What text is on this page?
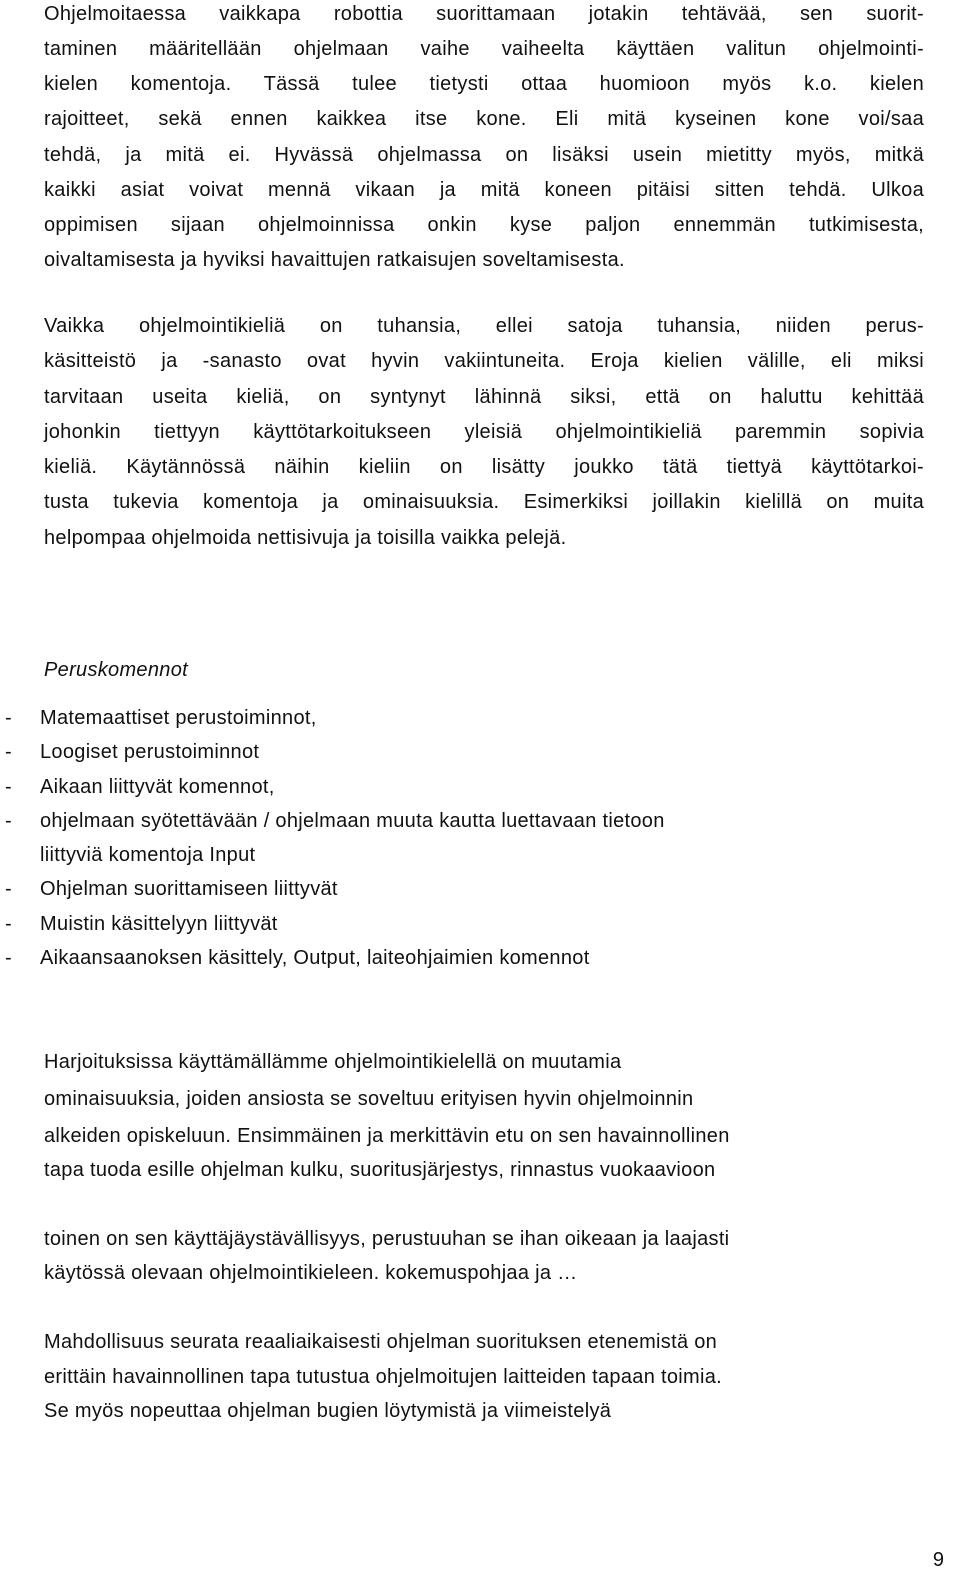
Ohjelmoitaessa vaikkapa robottia suorittamaan jotakin tehtävää, sen suorit-
taminen määritellään ohjelmaan vaihe vaiheelta käyttäen valitun ohjelmointi-
kielen komentoja. Tässä tulee tietysti ottaa huomioon myös k.o. kielen
rajoitteet, sekä ennen kaikkea itse kone. Eli mitä kyseinen kone voi/saa
tehdä, ja mitä ei. Hyvässä ohjelmassa on lisäksi usein mietitty myös, mitkä
kaikki asiat voivat mennä vikaan ja mitä koneen pitäisi sitten tehdä. Ulkoa
oppimisen sijaan ohjelmoinnissa onkin kyse paljon ennemmän tutkimisesta,
oivaltamisesta ja hyviksi havaittujen ratkaisujen soveltamisesta.
Vaikka ohjelmointikieliä on tuhansia, ellei satoja tuhansia, niiden perus-
käsitteistö ja -sanasto ovat hyvin vakiintuneita. Eroja kielien välille, eli miksi
tarvitaan useita kieliä, on syntynyt lähinnä siksi, että on haluttu kehittää
johonkin tiettyyn käyttötarkoitukseen yleisiä ohjelmointikieliä paremmin sopivia
kieliä. Käytännössä näihin kieliin on lisätty joukko tätä tiettyä käyttötarkoi-
tusta tukevia komentoja ja ominaisuuksia. Esimerkiksi joillakin kielillä on muita
helpompaa ohjelmoida nettisivuja ja toisilla vaikka pelejä.
Peruskomennot
- Matemaattiset perustoiminnot,
- Loogiset perustoiminnot
- Aikaan liittyvät komennot,
- ohjelmaan syötettävään / ohjelmaan muuta kautta luettavaan tietoon
liittyviä komentoja Input
- Ohjelman suorittamiseen liittyvät
- Muistin käsittelyyn liittyvät
- Aikaansaanoksen käsittely, Output, laiteohjaimien komennot
Harjoituksissa käyttämällämme ohjelmointikielellä on muutamia
ominaisuuksia, joiden ansiosta se soveltuu erityisen hyvin ohjelmoinnin
alkeiden opiskeluun. Ensimmäinen ja merkittävin etu on sen havainnollinen
tapa tuoda esille ohjelman kulku, suoritusjärjestys, rinnastus vuokaavioon
toinen on sen käyttäjäystävällisyys, perustuuhan se ihan oikeaan ja laajasti
käytössä olevaan ohjelmointikieleen. kokemuspohjaa ja …
Mahdollisuus seurata reaaliaikaisesti ohjelman suorituksen etenemistä on
erittäin havainnollinen tapa tutustua ohjelmoitujen laitteiden tapaan toimia.
Se myös nopeuttaa ohjelman bugien löytymistä ja viimeistelyä
9
